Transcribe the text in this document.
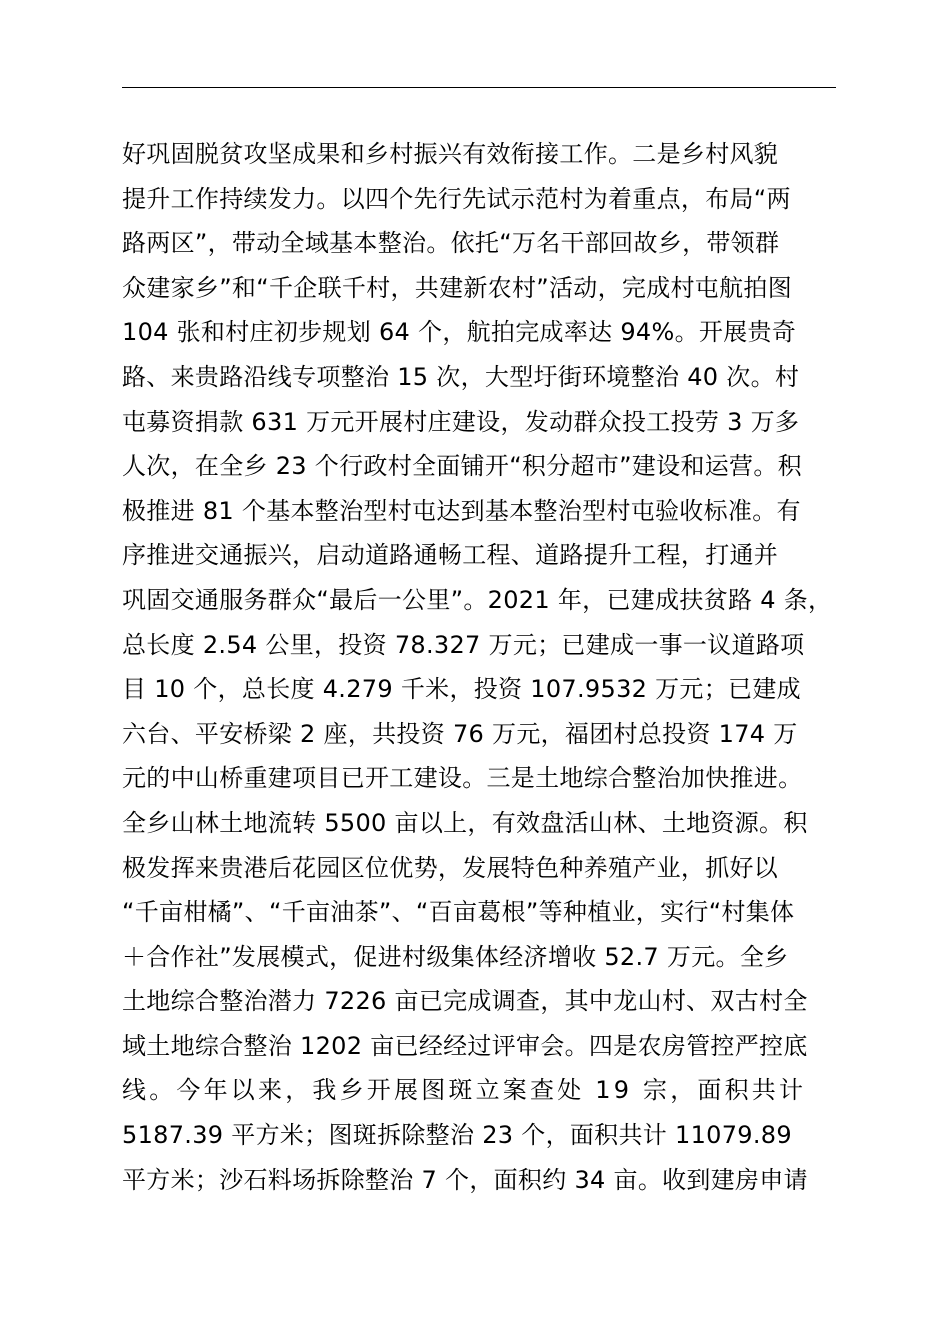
好巩固脱贫攻坚成果和乡村振兴有效衔接工作。二是乡村风貌
提升工作持续发力。以四个先行先试示范村为着重点，布局“两
路两区”，带动全域基本整治。依托“万名干部回故乡，带领群
众建家乡”和“千企联千村，共建新农村”活动，完成村屯航拍图
104 张和村庄初步规划 64 个，航拍完成率达 94%。开展贵奇
路、来贵路沿线专项整治 15 次，大型圩街环境整治 40 次。村
屯募资捐款 631 万元开展村庄建设，发动群众投工投劳 3 万多
人次，在全乡 23 个行政村全面铺开“积分超市”建设和运营。积
极推进 81 个基本整治型村屯达到基本整治型村屯验收标准。有
序推进交通振兴，启动道路通畅工程、道路提升工程，打通并
巩固交通服务群众“最后一公里”。2021 年，已建成扶贫路 4 条，
总长度 2.54 公里，投资 78.327 万元；已建成一事一议道路项
目 10 个，总长度 4.279 千米，投资 107.9532 万元；已建成
六台、平安桥梁 2 座，共投资 76 万元，福团村总投资 174 万
元的中山桥重建项目已开工建设。三是土地综合整治加快推进。
全乡山林土地流转 5500 亩以上，有效盘活山林、土地资源。积
极发挥来贵港后花园区位优势，发展特色种养殖产业，抓好以
“千亩柑橘”、“千亩油茶”、“百亩葛根”等种植业，实行“村集体
＋合作社”发展模式，促进村级集体经济增收 52.7 万元。全乡
土地综合整治潜力 7226 亩已完成调查，其中龙山村、双古村全
域土地综合整治 1202 亩已经经过评审会。四是农房管控严控底
线。今年以来，我乡开展图斑立案查处 19 宗，面积共计
5187.39 平方米；图斑拆除整治 23 个，面积共计 11079.89
平方米；沙石料场拆除整治 7 个，面积约 34 亩。收到建房申请
